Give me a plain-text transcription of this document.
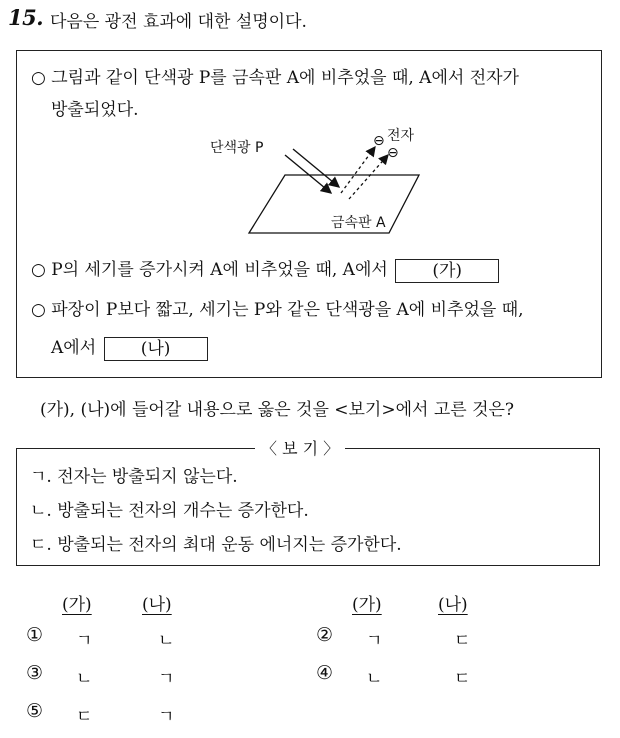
15. 다음은 광전 효과에 대한 설명이다.
○ 그림과 같이 단색광 P를 금속판 A에 비추었을 때, A에서 전자가
방출되었다.
단색광 P	⊖
⊖
전자
금속판 A
○ P의 세기를 증가시켜 A에 비추었을 때, A에서	(가)
○ 파장이 P보다 짧고, 세기는 P와 같은 단색광을 A에 비추었을 때,
A에서	(나)
(가), (나)에 들어갈 내용으로 옳은 것을 <보기>에서 고른 것은?
〈 보 기 〉
ㄱ. 전자는 방출되지 않는다.
ㄴ. 방출되는 전자의 개수는 증가한다.
ㄷ. 방출되는 전자의 최대 운동 에너지는 증가한다.
(가)	(나)	(가)	(나)
① ㄱ	ㄴ	② ㄱ	ㄷ
③ ㄴ	ㄱ	④ ㄴ	ㄷ
⑤ ㄷ	ㄱ
